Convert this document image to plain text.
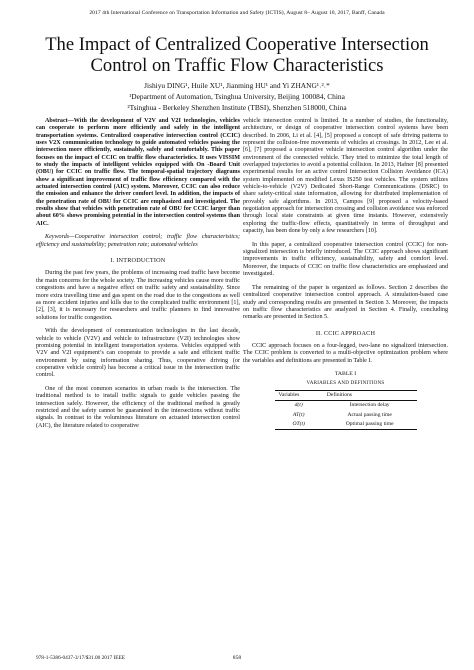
2017 4th International Conference on Transportation Information and Safety (ICTIS), August 8– August 10, 2017, Banff, Canada
The Impact of Centralized Cooperative Intersection
Control on Traffic Flow Characteristics
Jishiyu DING¹, Huile XU¹, Jianming HU¹ and Yi ZHANG¹˒²˒*
¹Department of Automation, Tsinghua University, Beijing 100084, China
²Tsinghua - Berkeley Shenzhen Institute (TBSI), Shenzhen 518000, China

Abstract—With the development of V2V and V2I technologies, vehicles can cooperate to perform more efficiently and safely in the intelligent transportation systems. Centralized cooperative intersection control (CCIC) uses V2X communication technology to guide automated vehicles passing the intersection more efficiently, sustainably, safely and comfortably. This paper focuses on the impact of CCIC on traffic flow characteristics. It uses VISSIM to study the impacts of intelligent vehicles equipped with On -Board Unit (OBU) for CCIC on traffic flow. The temporal-spatial trajectory diagrams show a significant improvement of traffic flow efficiency compared with the actuated intersection control (AIC) system. Moreover, CCIC can also reduce the emission and enhance the driver comfort level. In addition, the impacts of the penetration rate of OBU for CCIC are emphasized and investigated. The results show that vehicles with penetration rate of OBU for CCIC larger than about 60% shows promising potential in the intersection control systems than AIC.

Keywords—Cooperative intersection control; traffic flow characteristics; efficiency and sustainability; penetration rate; automated vehicles

I. INTRODUCTION

During the past few years, the problems of increasing road traffic have become the main concerns for the whole society. The increasing vehicles cause more traffic congestions and have a negative effect on traffic safety and sustainability. Since more extra travelling time and gas spent on the road due to the congestions as well as more accident injuries and kills due to the complicated traffic environment [1], [2], [3], it is necessary for researchers and traffic planners to find innovative solutions for traffic congestion.

With the development of communication technologies in the last decade, vehicle to vehicle (V2V) and vehicle to infrastructure (V2I) technologies show promising potential in intelligent transportation systems. Vehicles equipped with V2V and V2I equipment’s can cooperate to provide a safe and efficient traffic environment by using information sharing. Thus, cooperative driving (or cooperative vehicle control) has become a critical issue in the intersection traffic control.

One of the most common scenarios in urban roads is the intersection. The traditional method is to install traffic signals to guide vehicles passing the intersection safely. However, the efficiency of the traditional method is greatly restricted and the safety cannot be guaranteed in the intersections without traffic signals. In contrast to the voluminous literature on actuated intersection control (AIC), the literature related to cooperative

vehicle intersection control is limited. In a number of studies, the functionality, architecture, or design of cooperative intersection control systems have been described. In 2006, Li et al. [4], [5] proposed a concept of safe driving patterns to represent the collision-free movements of vehicles at crossings. In 2012, Lee et al. [6], [7] proposed a cooperative vehicle intersection control algorithm under the environment of the connected vehicle. They tried to minimize the total length of overlapped trajectories to avoid a potential collision. In 2013, Hafner [8] presented experimental results for an active control Intersection Collision Avoidance (ICA) system implemented on modified Lexus IS250 test vehicles. The system utilizes vehicle-to-vehicle (V2V) Dedicated Short-Range Communications (DSRC) to share safety-critical state information, allowing for distributed implementation of provably safe algorithms. In 2013, Campos [9] proposed a velocity-based negotiation approach for intersection crossing and collision avoidance was enforced through local state constraints at given time instants. However, extensively exploring the traffic-flow effects, quantitatively in terms of throughput and capacity, has been done by only a few researchers [10].

In this paper, a centralized cooperative intersection control (CCIC) for non-signalized intersection is briefly introduced. The CCIC approach shows significant improvements in traffic efficiency, sustainability, safety and comfort level. Moreover, the impacts of CCIC on traffic flow characteristics are emphasized and investigated.

The remaining of the paper is organized as follows. Section 2 describes the centralized cooperative intersection control approach. A simulation-based case study and corresponding results are presented in Section 3. Moreover, the impacts on traffic flow characteristics are analyzed in Section 4. Finally, concluding remarks are presented in Section 5.

II. CCIC APPROACH

CCIC approach focuses on a four-legged, two-lane no signalized intersection. The CCIC problem is converted to a multi-objective optimization problem where the variables and definitions are presented in Table I.

TABLE I
VARIABLES AND DEFINITIONS
Variables	Definitions
d(t)	Intersection delay
AT(t)	Actual passing time
OT(t)	Optimal passing time
978-1-5386-0437-3/17/$31.00 2017 IEEE	858
